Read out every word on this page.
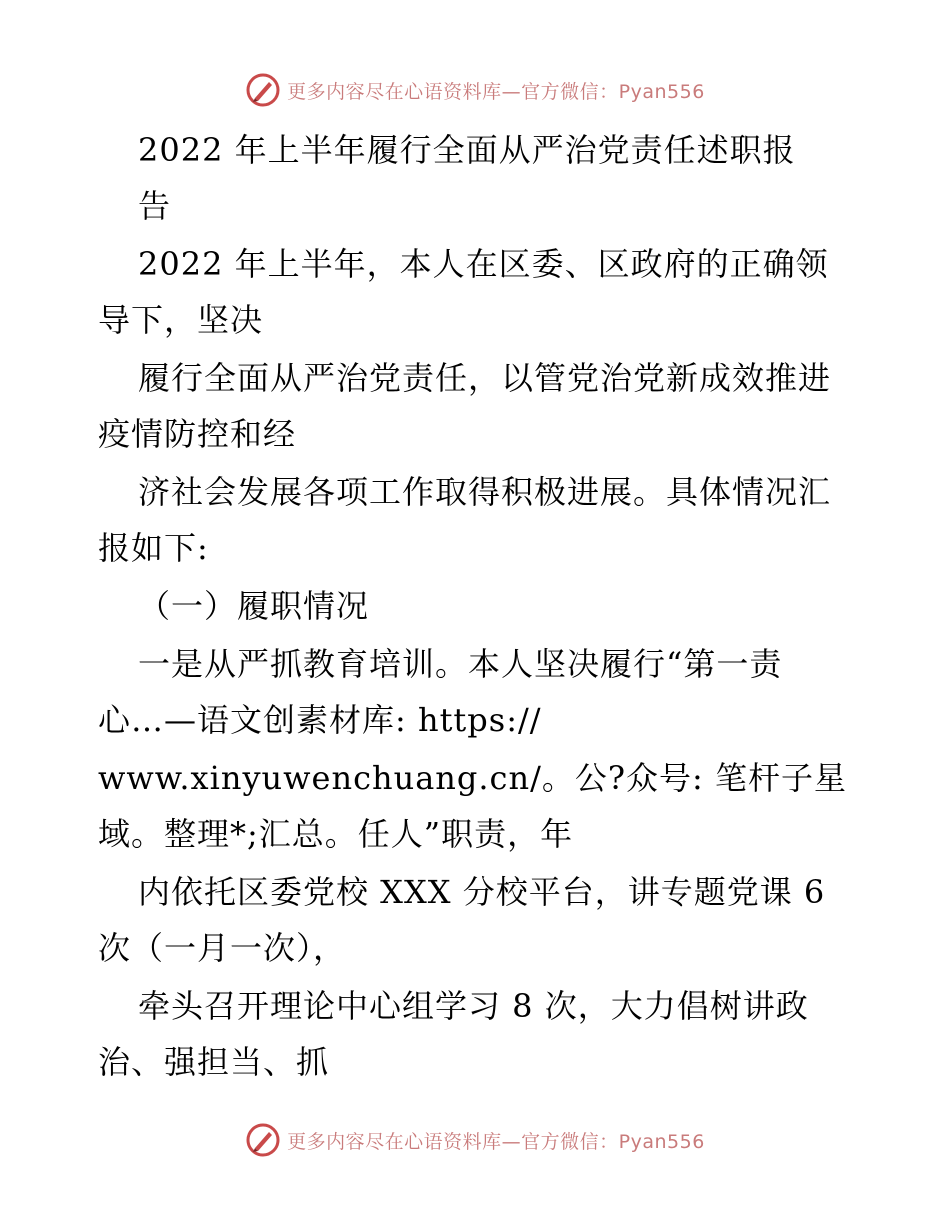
更多内容尽在心语资料库—官方微信：Pyan556
2022 年上半年履行全面从严治党责任述职报
告
2022 年上半年，本人在区委、区政府的正确领
导下，坚决
履行全面从严治党责任，以管党治党新成效推进
疫情防控和经
济社会发展各项工作取得积极进展。具体情况汇
报如下:
（一）履职情况
一是从严抓教育培训。本人坚决履行“第一责
心…—语文创素材库: https://
www.xinyuwenchuang.cn/。公?众号: 笔杆子星
域。整理*;汇总。任人”职责，年
内依托区委党校 XXX 分校平台，讲专题党课 6
次（一月一次），
牵头召开理论中心组学习 8 次，大力倡树讲政
治、强担当、抓
更多内容尽在心语资料库—官方微信：Pyan556
